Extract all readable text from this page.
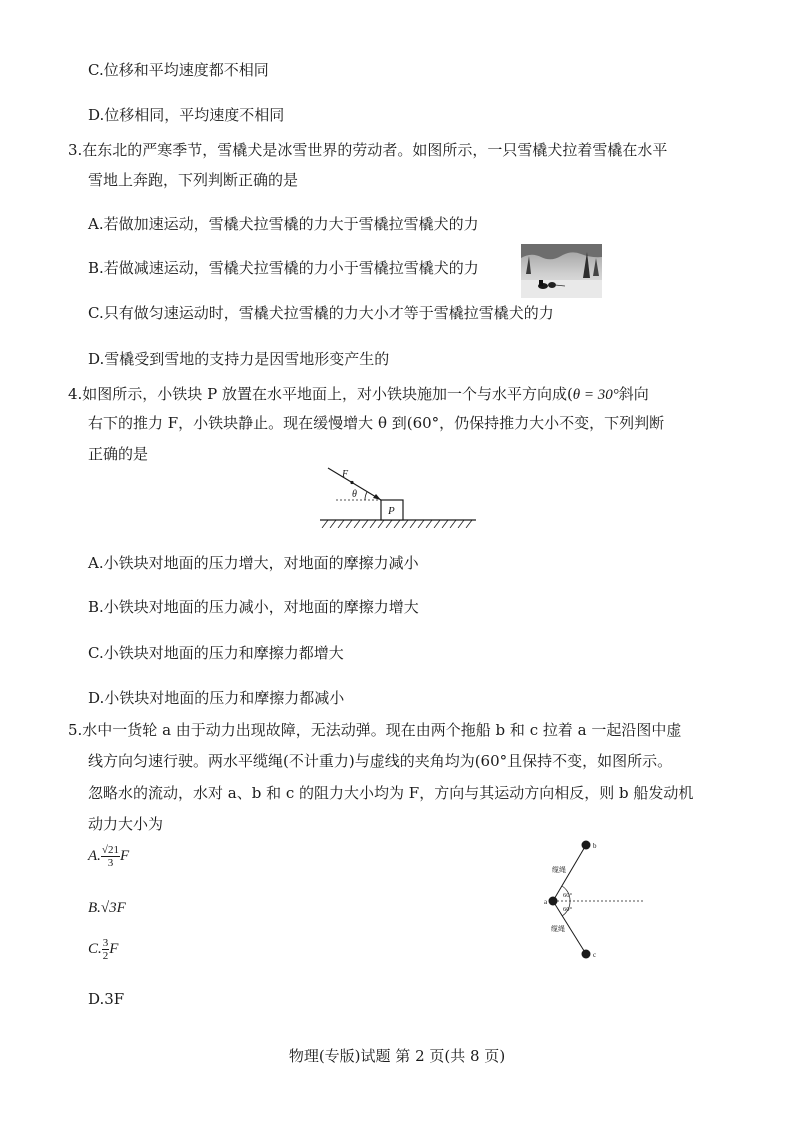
C.位移和平均速度都不相同
D.位移相同，平均速度不相同
3.在东北的严寒季节，雪橇犬是冰雪世界的劳动者。如图所示，一只雪橇犬拉着雪橇在水平
雪地上奔跑，下列判断正确的是
A.若做加速运动，雪橇犬拉雪橇的力大于雪橇拉雪橇犬的力
B.若做减速运动，雪橇犬拉雪橇的力小于雪橇拉雪橇犬的力
C.只有做匀速运动时，雪橇犬拉雪橇的力大小才等于雪橇拉雪橇犬的力
D.雪橇受到雪地的支持力是因雪地形变产生的
4.如图所示，小铁块 P 放置在水平地面上，对小铁块施加一个与水平方向成(θ = 30°斜向
右下的推力 F，小铁块静止。现在缓慢增大 θ 到(60°，仍保持推力大小不变，下列判断
正确的是
P
F
θ
A.小铁块对地面的压力增大，对地面的摩擦力减小
B.小铁块对地面的压力减小，对地面的摩擦力增大
C.小铁块对地面的压力和摩擦力都增大
D.小铁块对地面的压力和摩擦力都减小
5.水中一货轮 a 由于动力出现故障，无法动弹。现在由两个拖船 b 和 c 拉着 a 一起沿图中虚
线方向匀速行驶。两水平缆绳(不计重力)与虚线的夹角均为(60°且保持不变，如图所示。
忽略水的流动，水对 a、b 和 c 的阻力大小均为 F，方向与其运动方向相反，则 b 船发动机
动力大小为
A. $\frac{√21}{3}$ F
B.√3F
C. $\frac{3}{2}$ F
D.3F
a
b
c
缆绳
缆绳
60°
60°
物理(专版)试题 第 2 页(共 8 页)
